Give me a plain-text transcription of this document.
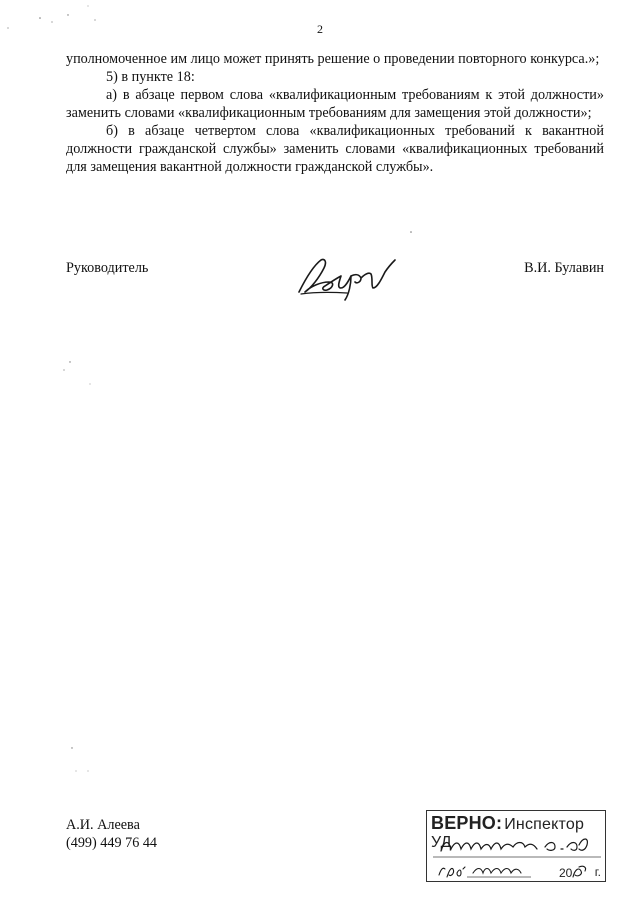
2

уполномоченное им лицо может принять решение о проведении повторного конкурса.»;

5) в пункте 18:

а) в абзаце первом слова «квалификационным требованиям к этой должности» заменить словами «квалификационным требованиям для замещения этой должности»;

б) в абзаце четвертом слова «квалификационных требований к вакантной должности гражданской службы» заменить словами «квалификационных требований для замещения вакантной должности гражданской службы».

Руководитель	В.И. Булавин
А.И. Алеева
(499) 449 76 44
ВЕРНО: Инспектор УД
20 г.
